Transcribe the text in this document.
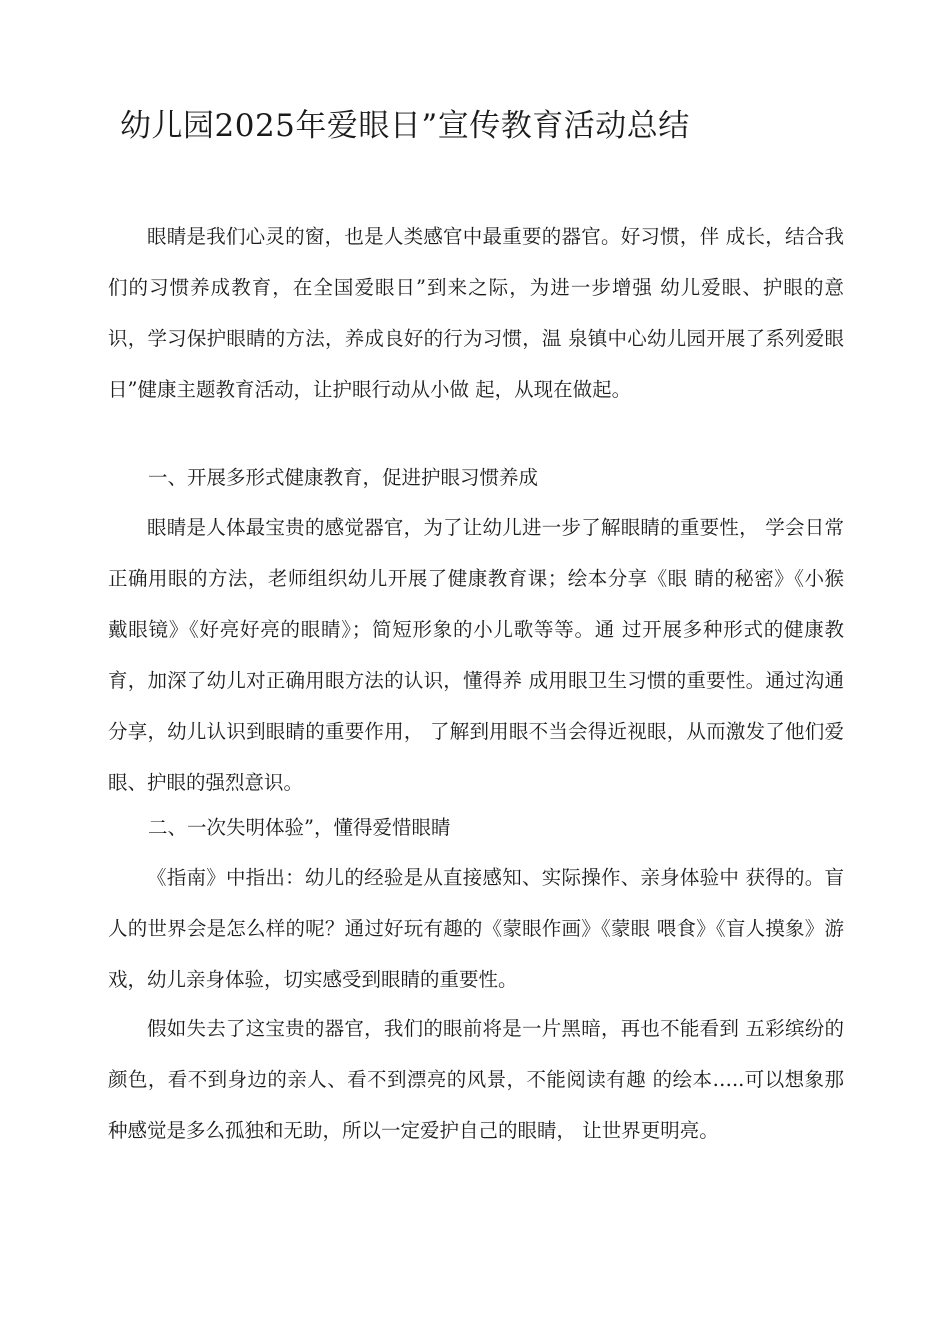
幼儿园2025年爱眼日”宣传教育活动总结

眼睛是我们心灵的窗，也是人类感官中最重要的器官。好习惯，伴 成长，结合我们的习惯养成教育，在全国爱眼日”到来之际，为进一步增强 幼儿爱眼、护眼的意识，学习保护眼睛的方法，养成良好的行为习惯，温 泉镇中心幼儿园开展了系列爱眼日”健康主题教育活动，让护眼行动从小做 起，从现在做起。

一、开展多形式健康教育，促进护眼习惯养成

眼睛是人体最宝贵的感觉器官，为了让幼儿进一步了解眼睛的重要性， 学会日常正确用眼的方法，老师组织幼儿开展了健康教育课；绘本分享《眼 睛的秘密》《小猴戴眼镜》《好亮好亮的眼睛》；简短形象的小儿歌等等。通 过开展多种形式的健康教育，加深了幼儿对正确用眼方法的认识，懂得养 成用眼卫生习惯的重要性。通过沟通分享，幼儿认识到眼睛的重要作用， 了解到用眼不当会得近视眼，从而激发了他们爱眼、护眼的强烈意识。

二、一次失明体验”，懂得爱惜眼睛

《指南》中指出：幼儿的经验是从直接感知、实际操作、亲身体验中 获得的。盲人的世界会是怎么样的呢？通过好玩有趣的《蒙眼作画》《蒙眼 喂食》《盲人摸象》游戏，幼儿亲身体验，切实感受到眼睛的重要性。

假如失去了这宝贵的器官，我们的眼前将是一片黑暗，再也不能看到 五彩缤纷的颜色，看不到身边的亲人、看不到漂亮的风景，不能阅读有趣 的绘本…..可以想象那种感觉是多么孤独和无助，所以一定爱护自己的眼睛， 让世界更明亮。
